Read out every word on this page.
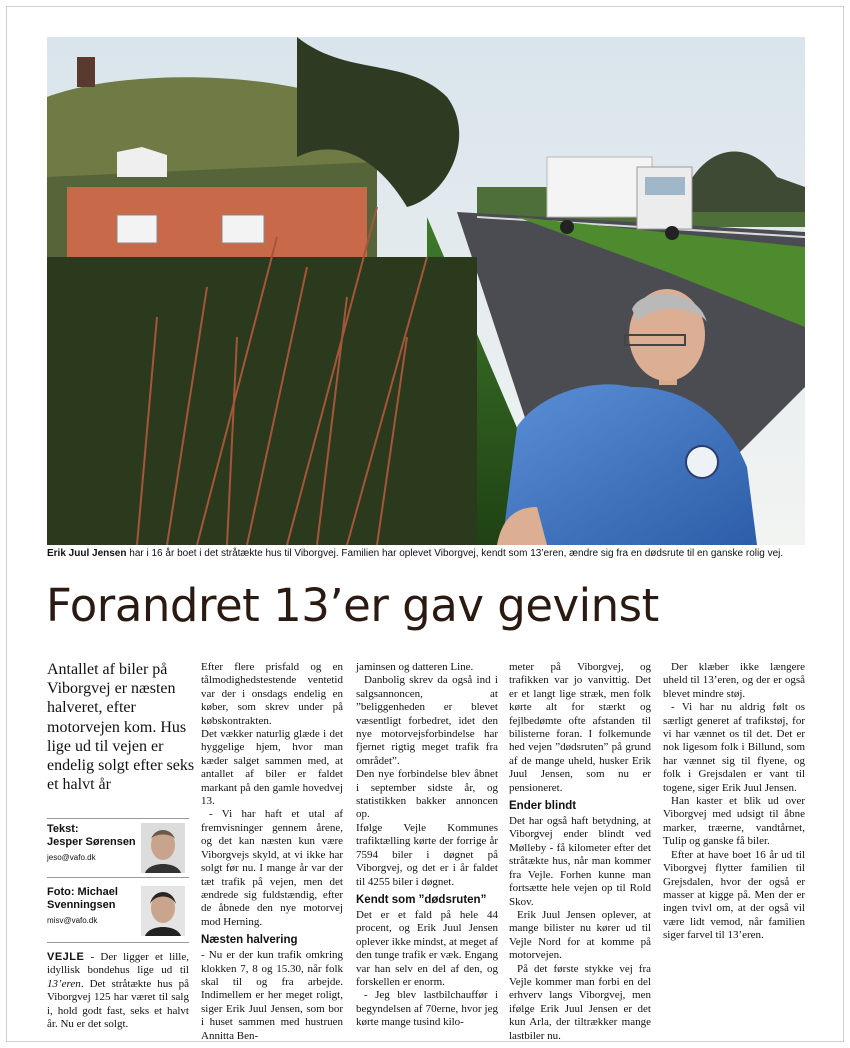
Erik Juul Jensen har i 16 år boet i det stråtækte hus til Viborgvej. Familien har oplevet Viborgvej, kendt som 13’eren, ændre sig fra en dødsrute til en ganske rolig vej.
Forandret 13’er gav gevinst
Antallet af biler på Viborgvej er næsten halveret, efter motorvejen kom. Hus lige ud til vejen er endelig solgt efter seks et halvt år
Tekst:
Jesper Sørensen
jeso@vafo.dk
Foto: Michael
Svenningsen
misv@vafo.dk

VEJLE - Der ligger et lille, idyllisk bondehus lige ud til 13’eren. Det stråtækte hus på Viborgvej 125 har været til salg i, hold godt fast, seks et halvt år. Nu er det solgt.

Efter flere prisfald og en tålmodighedstestende ventetid var der i onsdags endelig en køber, som skrev under på købskontrakten.

Det vækker naturlig glæde i det hyggelige hjem, hvor man kæder salget sammen med, at antallet af biler er faldet markant på den gamle hovedvej 13.

- Vi har haft et utal af fremvisninger gennem årene, og det kan næsten kun være Viborgvejs skyld, at vi ikke har solgt før nu. I mange år var der tæt trafik på vejen, men det ændrede sig fuldstændig, efter de åbnede den nye motorvej mod Herning.

Næsten halvering

- Nu er der kun trafik omkring klokken 7, 8 og 15.30, når folk skal til og fra arbejde. Indimellem er her meget roligt, siger Erik Juul Jensen, som bor i huset sammen med hustruen Annitta Ben-

jaminsen og datteren Line.

Danbolig skrev da også ind i salgsannoncen, at ”beliggenheden er blevet væsentligt forbedret, idet den nye motorvejsforbindelse har fjernet rigtig meget trafik fra området”.

Den nye forbindelse blev åbnet i september sidste år, og statistikken bakker annoncen op.

Ifølge Vejle Kommunes trafiktælling kørte der forrige år 7594 biler i døgnet på Viborgvej, og det er i år faldet til 4255 biler i døgnet.

Kendt som ”dødsruten”

Det er et fald på hele 44 procent, og Erik Juul Jensen oplever ikke mindst, at meget af den tunge trafik er væk. Engang var han selv en del af den, og forskellen er enorm.

- Jeg blev lastbilchauffør i begyndelsen af 70erne, hvor jeg kørte mange tusind kilo-

meter på Viborgvej, og trafikken var jo vanvittig. Det er et langt lige stræk, men folk kørte alt for stærkt og fejlbedømte ofte afstanden til bilisterne foran. I folkemunde hed vejen ”dødsruten” på grund af de mange uheld, husker Erik Juul Jensen, som nu er pensioneret.

Ender blindt

Det har også haft betydning, at Viborgvej ender blindt ved Mølleby - få kilometer efter det stråtækte hus, når man kommer fra Vejle. Forhen kunne man fortsætte hele vejen op til Rold Skov.

Erik Juul Jensen oplever, at mange bilister nu kører ud til Vejle Nord for at komme på motorvejen.

På det første stykke vej fra Vejle kommer man forbi en del erhverv langs Viborgvej, men ifølge Erik Juul Jensen er det kun Arla, der tiltrækker mange lastbiler nu.

Der klæber ikke længere uheld til 13’eren, og der er også blevet mindre støj.

- Vi har nu aldrig følt os særligt generet af trafikstøj, for vi har vænnet os til det. Det er nok ligesom folk i Billund, som har vænnet sig til flyene, og folk i Grejsdalen er vant til togene, siger Erik Juul Jensen.

Han kaster et blik ud over Viborgvej med udsigt til åbne marker, træerne, vandtårnet, Tulip og ganske få biler.

Efter at have boet 16 år ud til Viborgvej flytter familien til Grejsdalen, hvor der også er masser at kigge på. Men der er ingen tvivl om, at der også vil være lidt vemod, når familien siger farvel til 13’eren.
